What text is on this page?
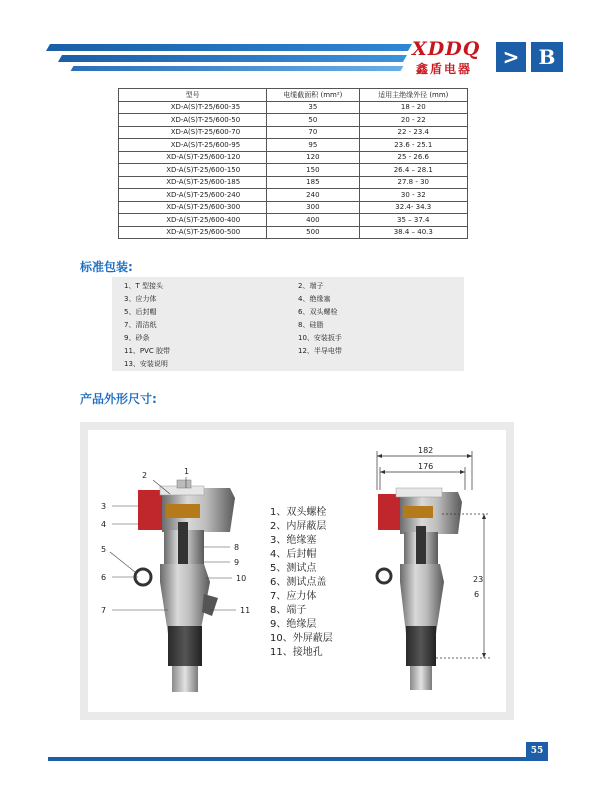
XDDQ
鑫盾电器	> B
型号	电缆截面积 (mm²)	适用主绝缘外径 (mm)
XD-A(S)T-25/600-35	35	18 - 20
XD-A(S)T-25/600-50	50	20 - 22
XD-A(S)T-25/600-70	70	22 - 23.4
XD-A(S)T-25/600-95	95	23.6 - 25.1
XD-A(S)T-25/600-120	120	25 - 26.6
XD-A(S)T-25/600-150	150	26.4 – 28.1
XD-A(S)T-25/600-185	185	27.8 - 30
XD-A(S)T-25/600-240	240	30 - 32
XD-A(S)T-25/600-300	300	32.4- 34.3
XD-A(S)T-25/600-400	400	35 – 37.4
XD-A(S)T-25/600-500	500	38.4 – 40.3
标准包装:
1、T 型接头	2、端子
3、应力体	4、绝缘塞
5、后封帽	6、双头螺栓
7、清洁纸	8、硅脂
9、砂条	10、安装扳手
11、PVC 胶带	12、半导电带
13、安装说明
产品外形尺寸:
1
2
3
4
5
6
7
8
9
10
11
182
176
23
6
1、双头螺栓
2、内屏蔽层
3、绝缘塞
4、后封帽
5、测试点
6、测试点盖
7、应力体
8、端子
9、绝缘层
10、外屏蔽层
11、接地孔
55
